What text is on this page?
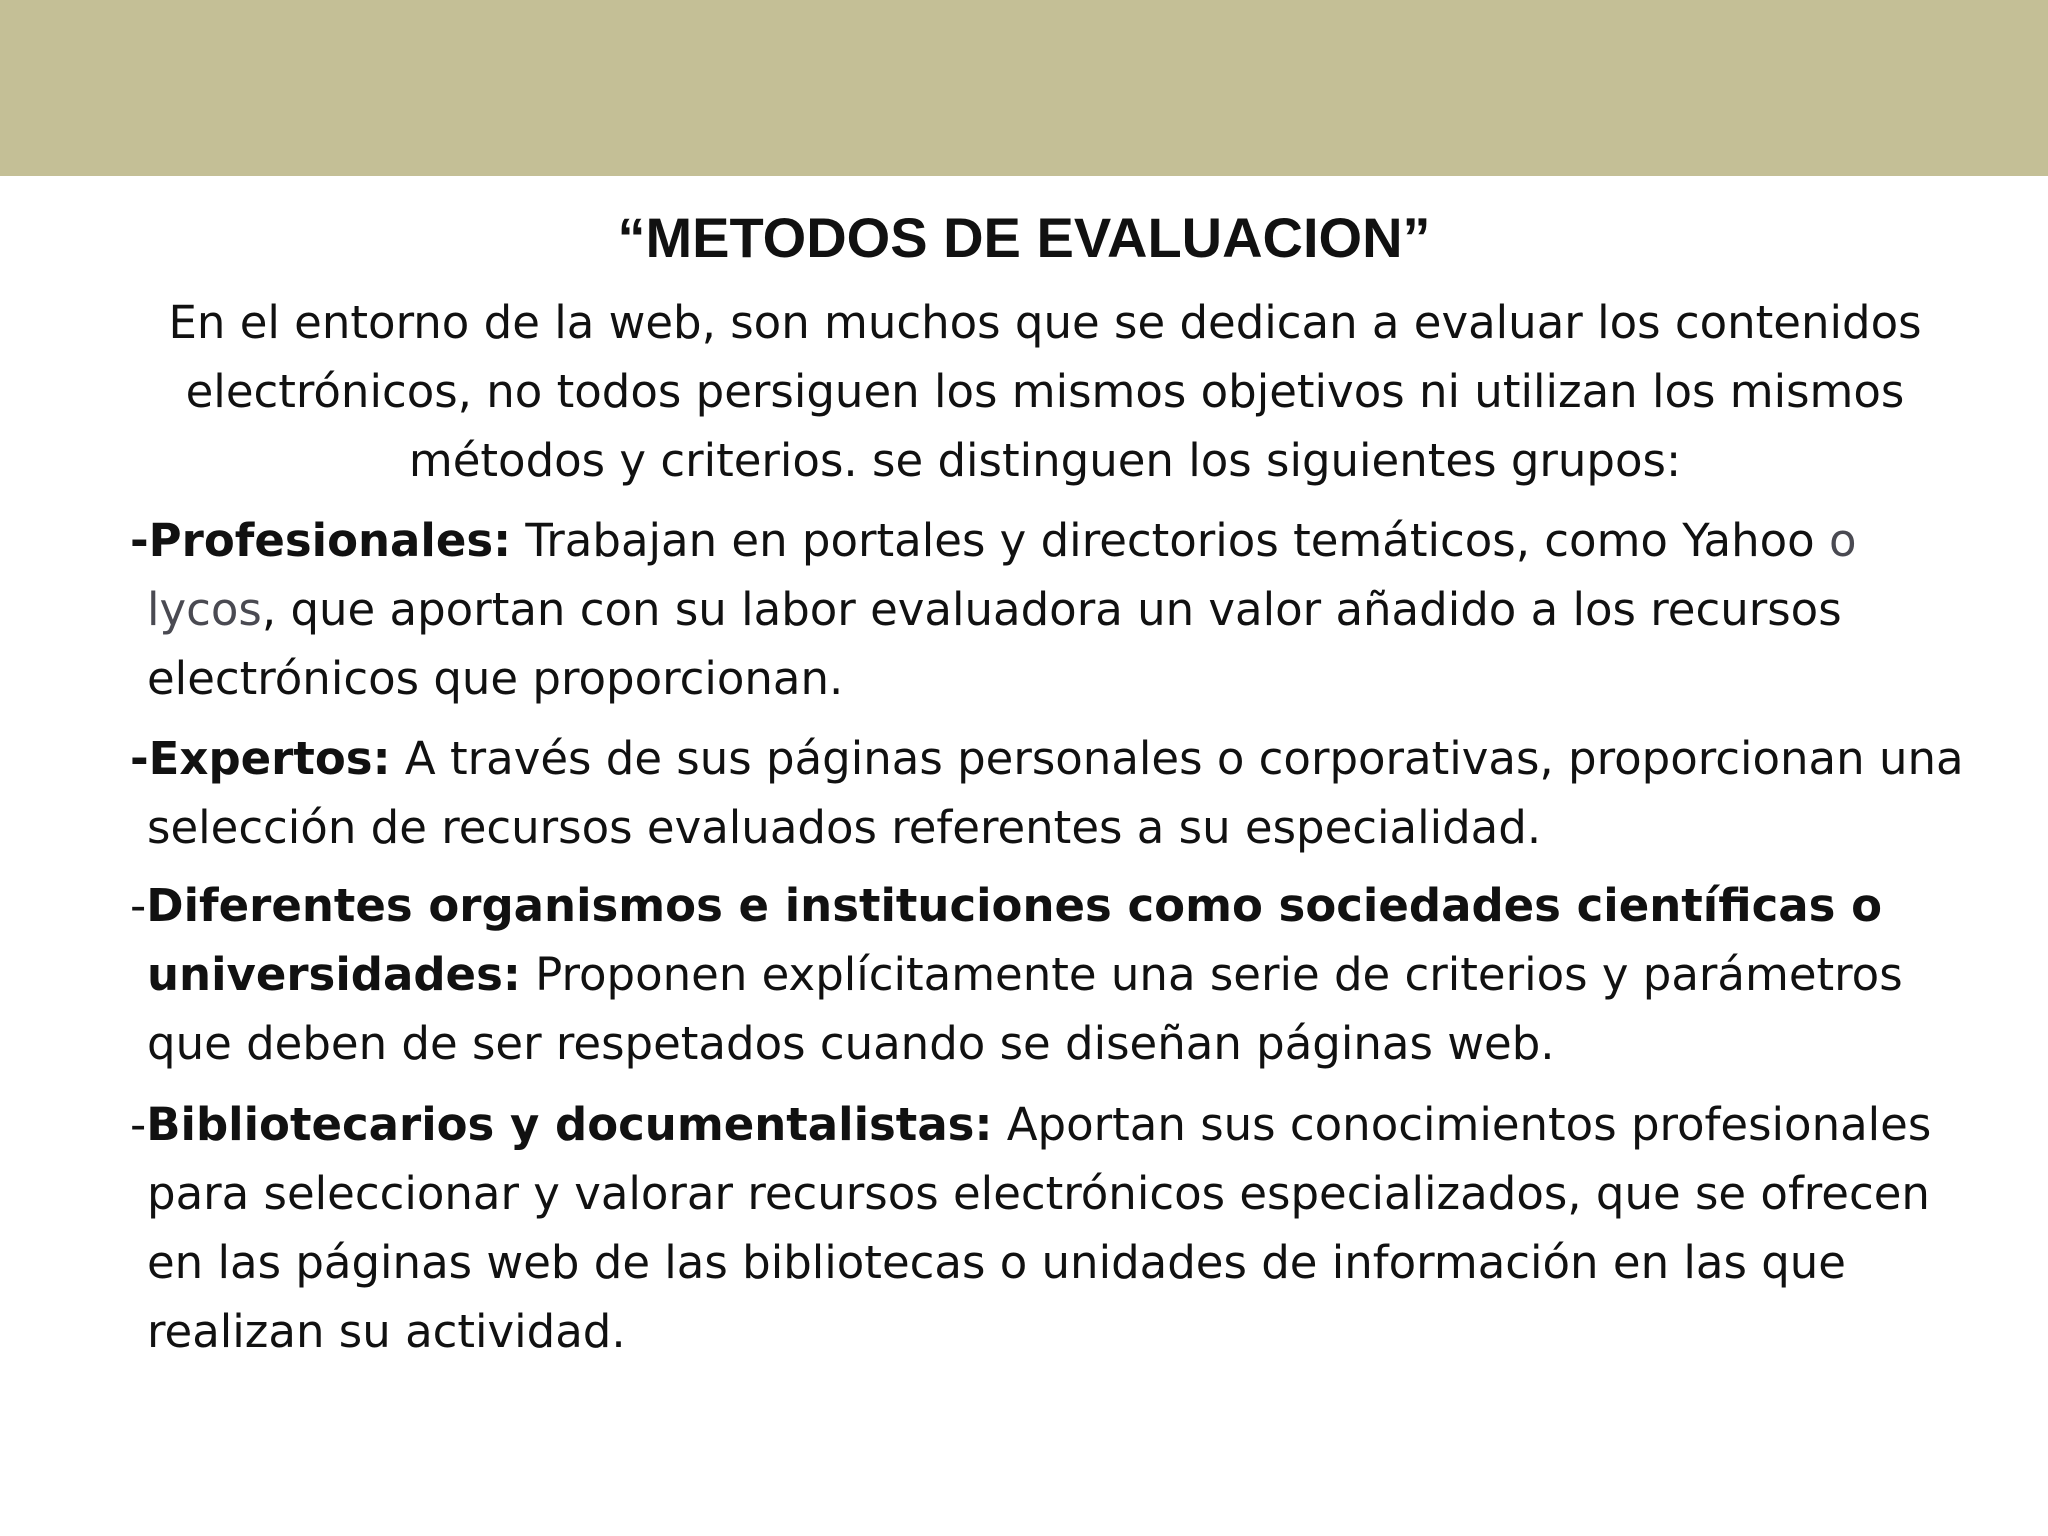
“METODOS DE EVALUACION”

En el entorno de la web, son muchos que se dedican a evaluar los contenidos electrónicos, no todos persiguen los mismos objetivos ni utilizan los mismos métodos y criterios. se distinguen los siguientes grupos:

-Profesionales: Trabajan en portales y directorios temáticos, como Yahoo o lycos, que aportan con su labor evaluadora un valor añadido a los recursos electrónicos que proporcionan.

-Expertos: A través de sus páginas personales o corporativas, proporcionan una selección de recursos evaluados referentes a su especialidad.

-Diferentes organismos e instituciones como sociedades científicas o universidades: Proponen explícitamente una serie de criterios y parámetros que deben de ser respetados cuando se diseñan páginas web.

-Bibliotecarios y documentalistas: Aportan sus conocimientos profesionales para seleccionar y valorar recursos electrónicos especializados, que se ofrecen en las páginas web de las bibliotecas o unidades de información en las que realizan su actividad.
